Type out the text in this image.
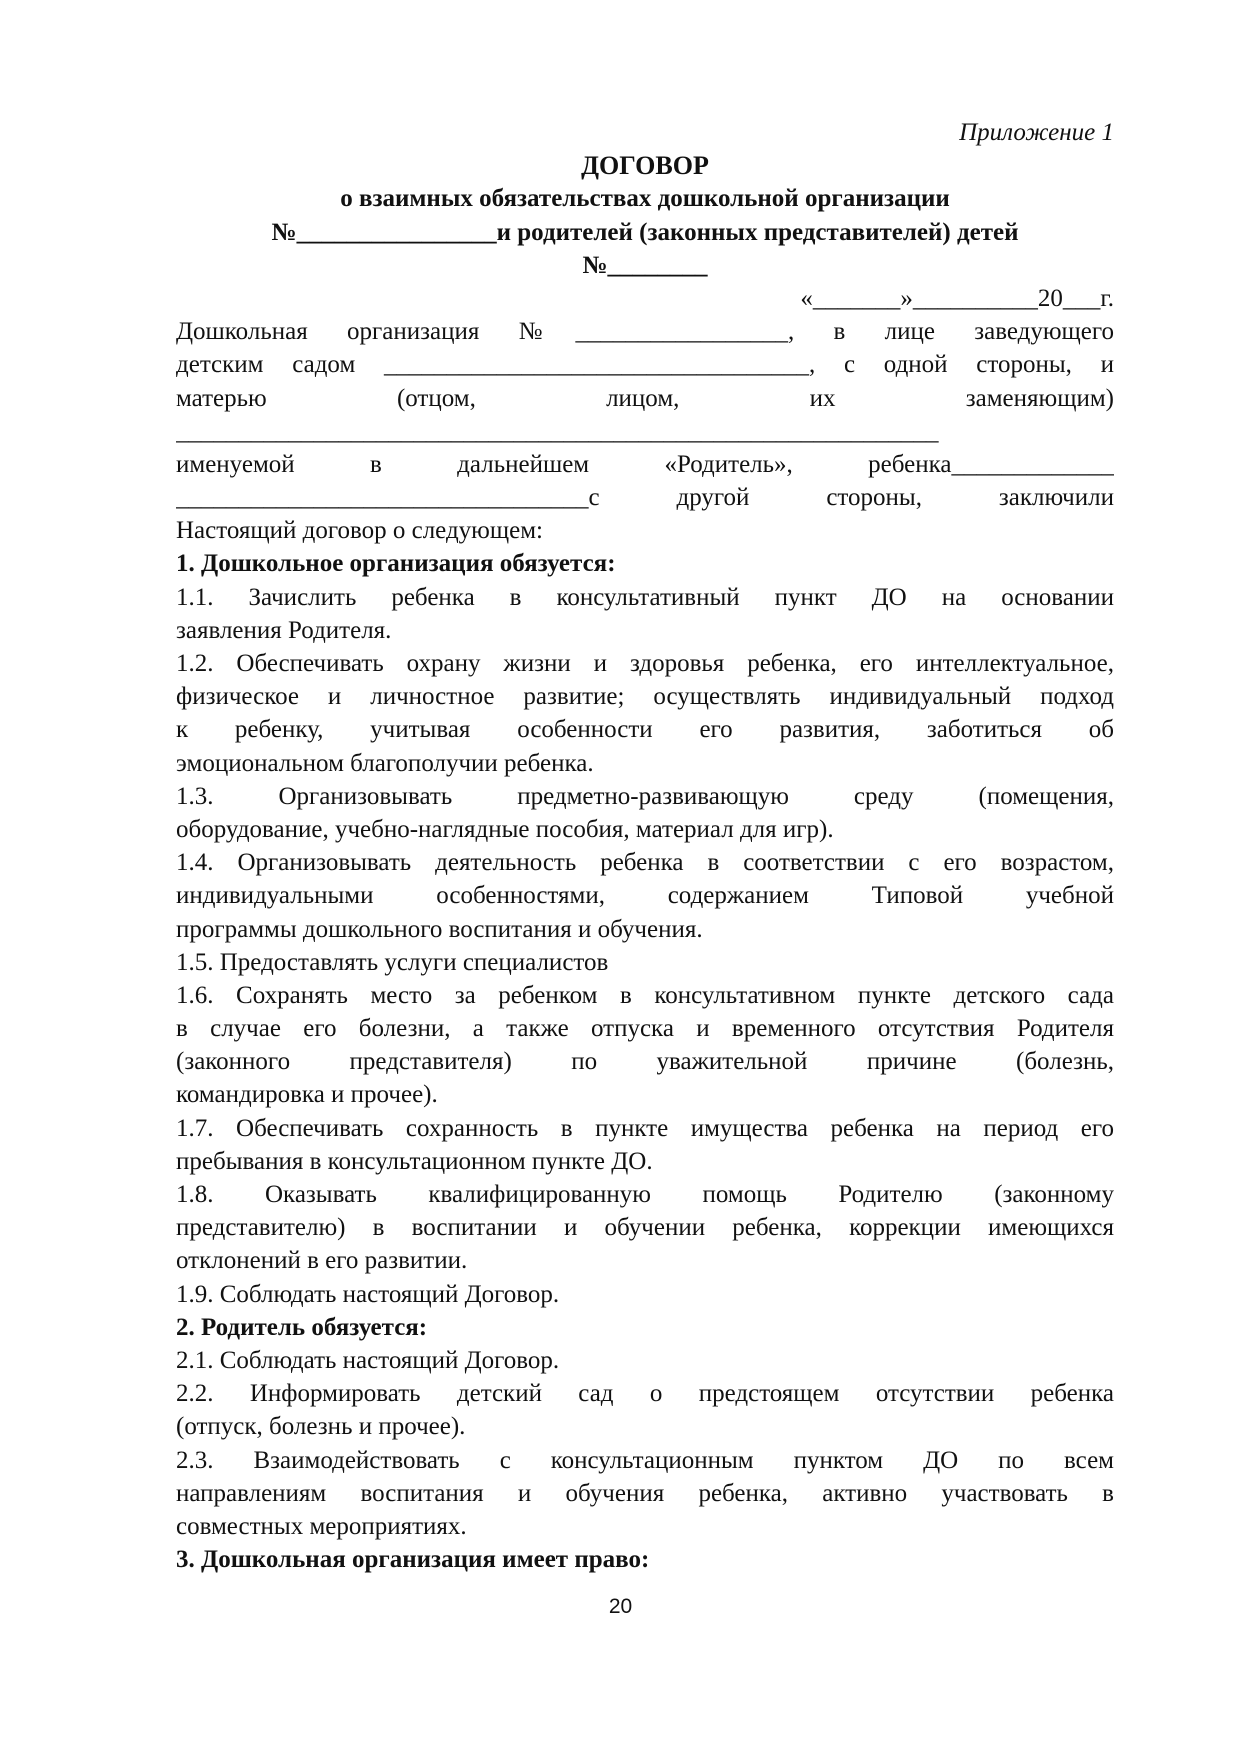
Приложение 1
ДОГОВОР
о взаимных обязательствах дошкольной организации
№________________и родителей (законных представителей) детей
№________
«_______»__________20___г.
Дошкольная организация №_________________, в лице заведующего
детским садом __________________________________, с одной стороны, и
матерью (отцом, лицом, их заменяющим)
_____________________________________________________________
именуемой в дальнейшем «Родитель», ребенка_____________
_________________________________с другой стороны, заключили
Настоящий договор о следующем:
1. Дошкольное организация обязуется:
1.1. Зачислить ребенка в консультативный пункт ДО на основании
заявления Родителя.
1.2. Обеспечивать охрану жизни и здоровья ребенка, его интеллектуальное,
физическое и личностное развитие; осуществлять индивидуальный подход
к ребенку, учитывая особенности его развития, заботиться об
эмоциональном благополучии ребенка.
1.3. Организовывать предметно-развивающую среду (помещения,
оборудование, учебно-наглядные пособия, материал для игр).
1.4. Организовывать деятельность ребенка в соответствии с его возрастом,
индивидуальными особенностями, содержанием Типовой учебной
программы дошкольного воспитания и обучения.
1.5. Предоставлять услуги специалистов
1.6. Сохранять место за ребенком в консультативном пункте детского сада
в случае его болезни, а также отпуска и временного отсутствия Родителя
(законного представителя) по уважительной причине (болезнь,
командировка и прочее).
1.7. Обеспечивать сохранность в пункте имущества ребенка на период его
пребывания в консультационном пункте ДО.
1.8. Оказывать квалифицированную помощь Родителю (законному
представителю) в воспитании и обучении ребенка, коррекции имеющихся
отклонений в его развитии.
1.9. Соблюдать настоящий Договор.
2. Родитель обязуется:
2.1. Соблюдать настоящий Договор.
2.2. Информировать детский сад о предстоящем отсутствии ребенка
(отпуск, болезнь и прочее).
2.3. Взаимодействовать с консультационным пунктом ДО по всем
направлениям воспитания и обучения ребенка, активно участвовать в
совместных мероприятиях.
3. Дошкольная организация имеет право:
20
